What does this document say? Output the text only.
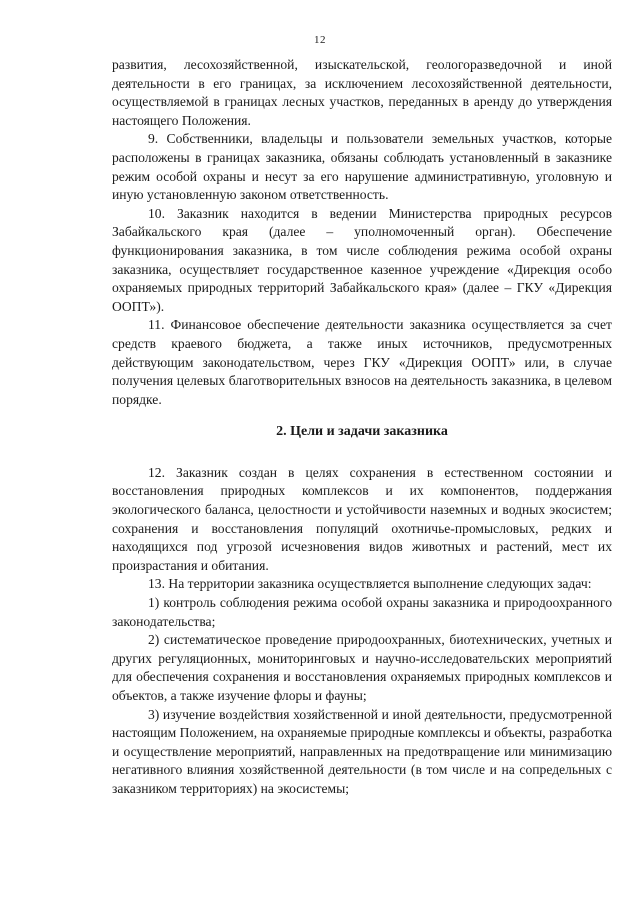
12

развития, лесохозяйственной, изыскательской, геологоразведочной и иной деятельности в его границах, за исключением лесохозяйственной деятельности, осуществляемой в границах лесных участков, переданных в аренду до утверждения настоящего Положения.

9. Собственники, владельцы и пользователи земельных участков, которые расположены в границах заказника, обязаны соблюдать установленный в заказнике режим особой охраны и несут за его нарушение административную, уголовную и иную установленную законом ответственность.

10. Заказник находится в ведении Министерства природных ресурсов Забайкальского края (далее – уполномоченный орган). Обеспечение функционирования заказника, в том числе соблюдения режима особой охраны заказника, осуществляет государственное казенное учреждение «Дирекция особо охраняемых природных территорий Забайкальского края» (далее – ГКУ «Дирекция ООПТ»).

11. Финансовое обеспечение деятельности заказника осуществляется за счет средств краевого бюджета, а также иных источников, предусмотренных действующим законодательством, через ГКУ «Дирекция ООПТ» или, в случае получения целевых благотворительных взносов на деятельность заказника, в целевом порядке.

2. Цели и задачи заказника

12. Заказник создан в целях сохранения в естественном состоянии и восстановления природных комплексов и их компонентов, поддержания экологического баланса, целостности и устойчивости наземных и водных экосистем; сохранения и восстановления популяций охотничье-промысловых, редких и находящихся под угрозой исчезновения видов животных и растений, мест их произрастания и обитания.

13. На территории заказника осуществляется выполнение следующих задач:

1) контроль соблюдения режима особой охраны заказника и природоохранного законодательства;

2) систематическое проведение природоохранных, биотехнических, учетных и других регуляционных, мониторинговых и научно-исследовательских мероприятий для обеспечения сохранения и восстановления охраняемых природных комплексов и объектов, а также изучение флоры и фауны;

3) изучение воздействия хозяйственной и иной деятельности, предусмотренной настоящим Положением, на охраняемые природные комплексы и объекты, разработка и осуществление мероприятий, направленных на предотвращение или минимизацию негативного влияния хозяйственной деятельности (в том числе и на сопредельных с заказником территориях) на экосистемы;
